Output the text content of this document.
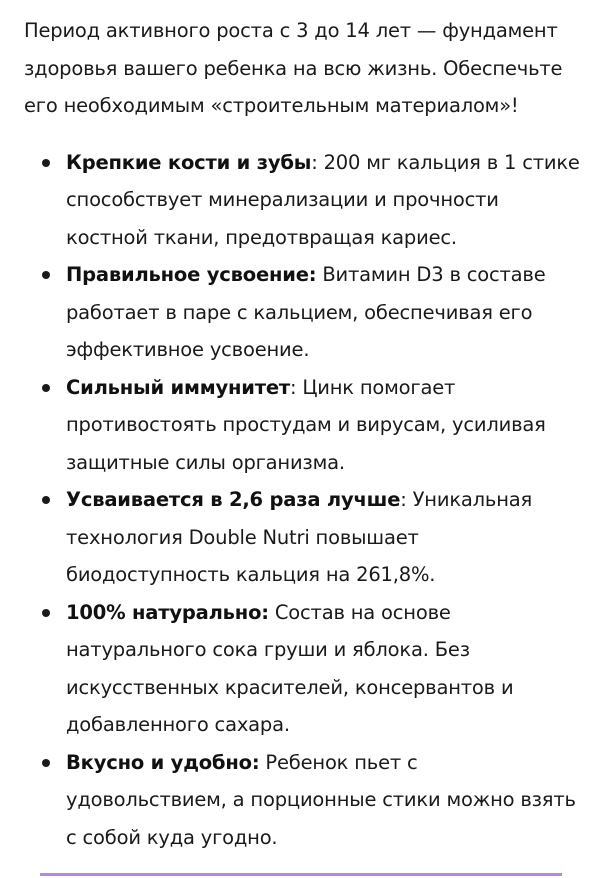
Период активного роста с 3 до 14 лет — фундамент здоровья вашего ребенка на всю жизнь. Обеспечьте его необходимым «строительным материалом»!

Крепкие кости и зубы: 200 мг кальция в 1 стике способствует минерализации и прочности костной ткани, предотвращая кариес.
Правильное усвоение: Витамин D3 в составе работает в паре с кальцием, обеспечивая его эффективное усвоение.
Сильный иммунитет: Цинк помогает противостоять простудам и вирусам, усиливая защитные силы организма.
Усваивается в 2,6 раза лучше: Уникальная технология Double Nutri повышает биодоступность кальция на 261,8%.
100% натурально: Состав на основе натурального сока груши и яблока. Без искусственных красителей, консервантов и добавленного сахара.
Вкусно и удобно: Ребенок пьет с удовольствием, а порционные стики можно взять с собой куда угодно.
